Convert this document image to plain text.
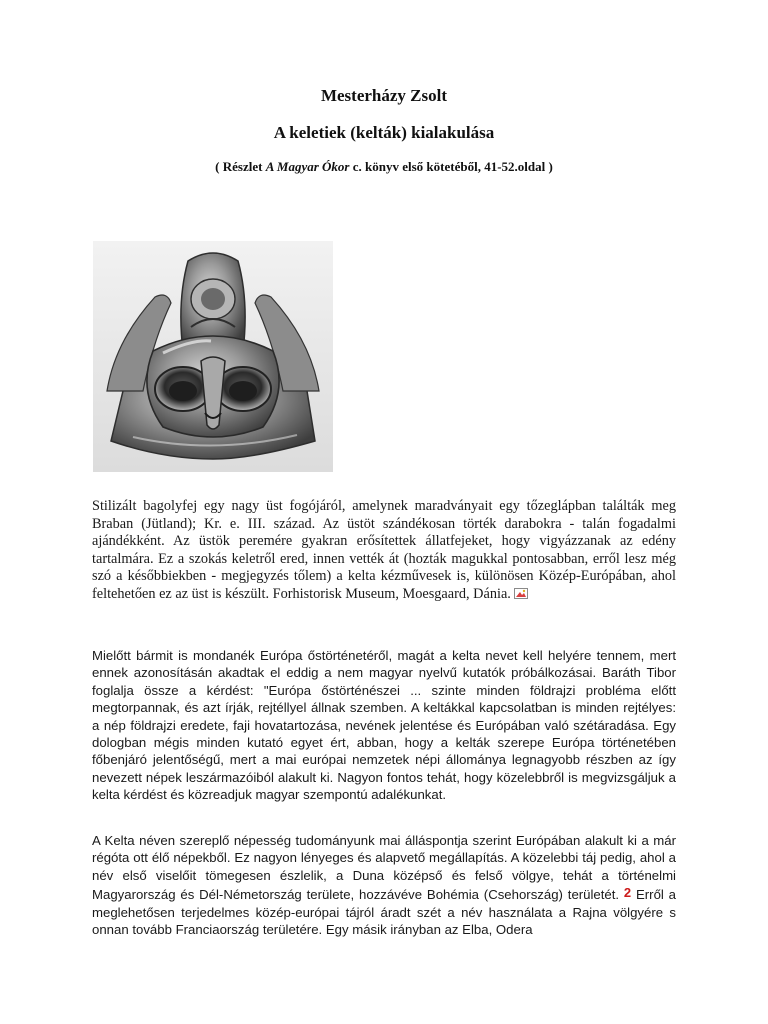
Mesterházy Zsolt
A keletiek (kelták) kialakulása
( Részlet A Magyar Ókor c. könyv első kötetéből, 41-52.oldal )
Stilizált bagolyfej egy nagy üst fogójáról, amelynek maradványait egy tőzeglápban találták meg Braban (Jütland); Kr. e. III. század. Az üstöt szándékosan törték darabokra - talán fogadalmi ajándékként. Az üstök peremére gyakran erősítettek állatfejeket, hogy vigyázzanak az edény tartalmára. Ez a szokás keletről ered, innen vették át (hozták magukkal pontosabban, erről lesz még szó a későbbiekben - megjegyzés tőlem) a kelta kézművesek is, különösen Közép-Európában, ahol feltehetően ez az üst is készült. Forhistorisk Museum, Moesgaard, Dánia.
Mielőtt bármit is mondanék Európa őstörténetéről, magát a kelta nevet kell helyére tennem, mert ennek azonosításán akadtak el eddig a nem magyar nyelvű kutatók próbálkozásai. Baráth Tibor foglalja össze a kérdést: "Európa őstörténészei ... szinte minden földrajzi probléma előtt megtorpannak, és azt írják, rejtéllyel állnak szemben. A keltákkal kapcsolatban is minden rejtélyes: a nép földrajzi eredete, faji hovatartozása, nevének jelentése és Európában való szétáradása. Egy dologban mégis minden kutató egyet ért, abban, hogy a kelták szerepe Európa történetében főbenjáró jelentőségű, mert a mai európai nemzetek népi állománya legnagyobb részben az így nevezett népek leszármazóiból alakult ki. Nagyon fontos tehát, hogy közelebbről is megvizsgáljuk a kelta kérdést és közreadjuk magyar szempontú adalékunkat.
A Kelta néven szereplő népesség tudományunk mai álláspontja szerint Európában alakult ki a már régóta ott élő népekből. Ez nagyon lényeges és alapvető megállapítás. A közelebbi táj pedig, ahol a név első viselőit tömegesen észlelik, a Duna középső és felső völgye, tehát a történelmi Magyarország és Dél-Németország területe, hozzávéve Bohémia (Csehország) területét. 2 Erről a meglehetősen terjedelmes közép-európai tájról áradt szét a név használata a Rajna völgyére s onnan tovább Franciaország területére. Egy másik irányban az Elba, Odera
